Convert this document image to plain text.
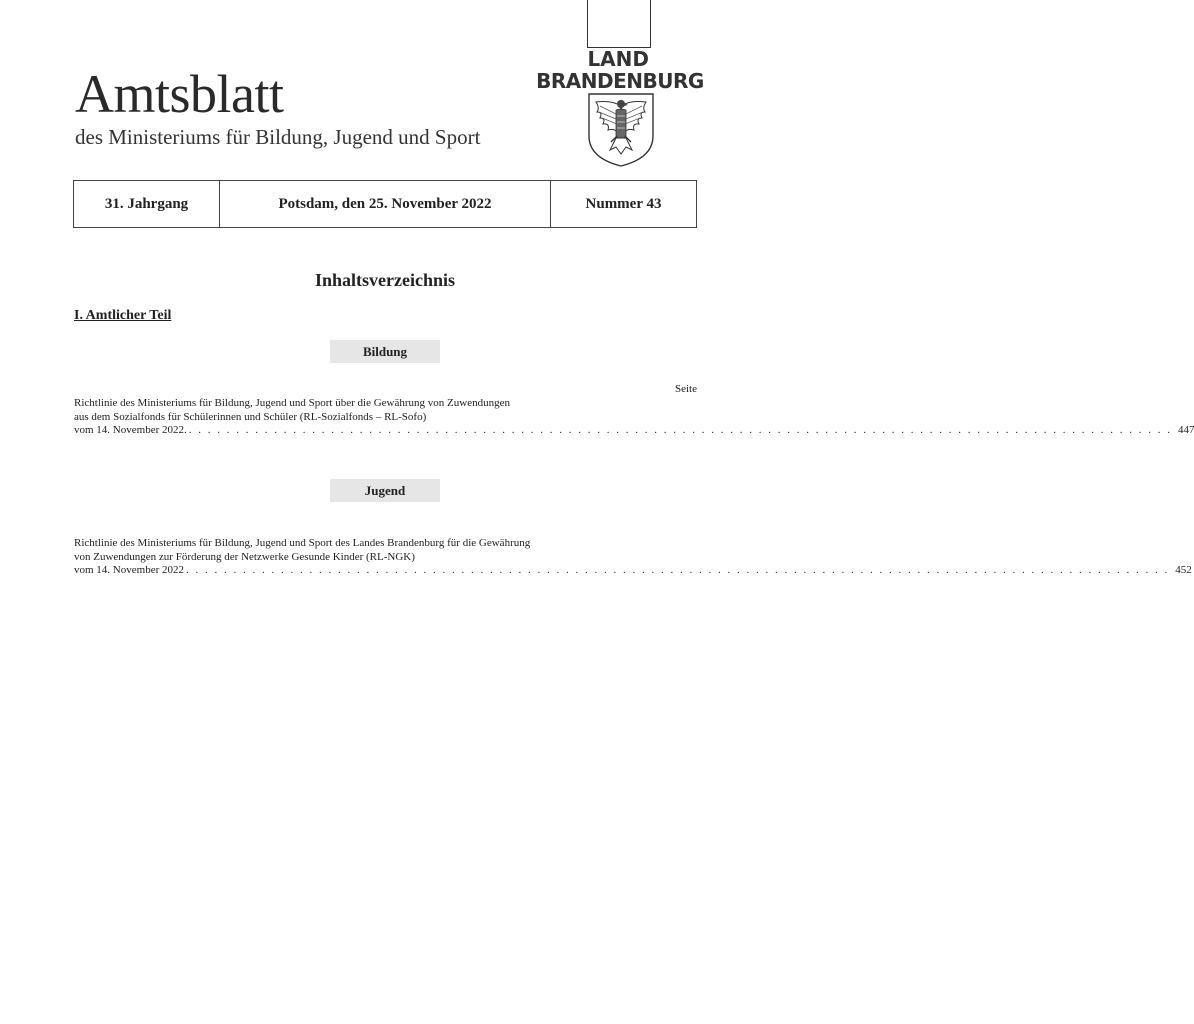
Amtsblatt
des Ministeriums für Bildung, Jugend und Sport
LAND
BRANDENBURG
31. Jahrgang	Potsdam, den 25. November 2022	Nummer 43
Inhaltsverzeichnis
I. Amtlicher Teil
Bildung
Seite
Richtlinie des Ministeriums für Bildung, Jugend und Sport über die Gewährung von Zuwendungen
aus dem Sozialfonds für Schülerinnen und Schüler (RL-Sozialfonds – RL-Sofo)
vom 14. November 2022. . . . . . . . . . . . . . . . . . . . . . . . . . . . . . . . . . . . . . . . . . . . . . . . . . . . . . . . . . . . . . . . . . . . . . . . . . . . . . . . . . . . . . . . . . . . . . . . . . . . . . . . . 447
Jugend
Richtlinie des Ministeriums für Bildung, Jugend und Sport des Landes Brandenburg für die Gewährung
von Zuwendungen zur Förderung der Netzwerke Gesunde Kinder (RL-NGK)
vom 14. November 2022 . . . . . . . . . . . . . . . . . . . . . . . . . . . . . . . . . . . . . . . . . . . . . . . . . . . . . . . . . . . . . . . . . . . . . . . . . . . . . . . . . . . . . . . . . . . . . . . . . . . . . . . . 452
